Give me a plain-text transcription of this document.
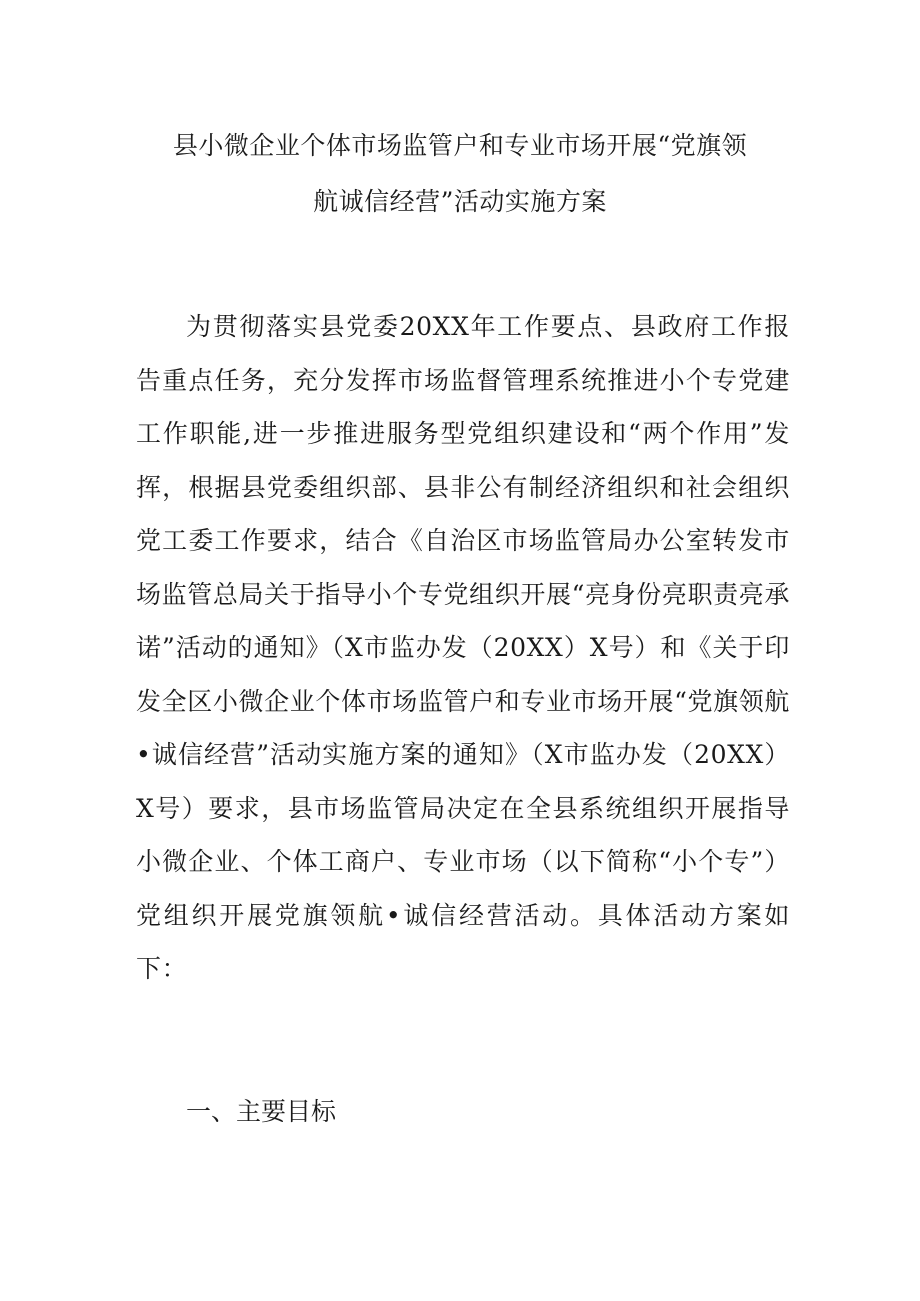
县小微企业个体市场监管户和专业市场开展“党旗领
航诚信经营”活动实施方案

为贯彻落实县党委20XX年工作要点、县政府工作报告重点任务，充分发挥市场监督管理系统推进小个专党建工作职能,进一步推进服务型党组织建设和“两个作用”发挥，根据县党委组织部、县非公有制经济组织和社会组织党工委工作要求，结合《自治区市场监管局办公室转发市场监管总局关于指导小个专党组织开展“亮身份亮职责亮承诺”活动的通知》（X市监办发（20XX）X号）和《关于印发全区小微企业个体市场监管户和专业市场开展“党旗领航•诚信经营”活动实施方案的通知》（X市监办发（20XX）X号）要求，县市场监管局决定在全县系统组织开展指导小微企业、个体工商户、专业市场（以下简称“小个专”）党组织开展党旗领航•诚信经营活动。具体活动方案如下：

一、主要目标
